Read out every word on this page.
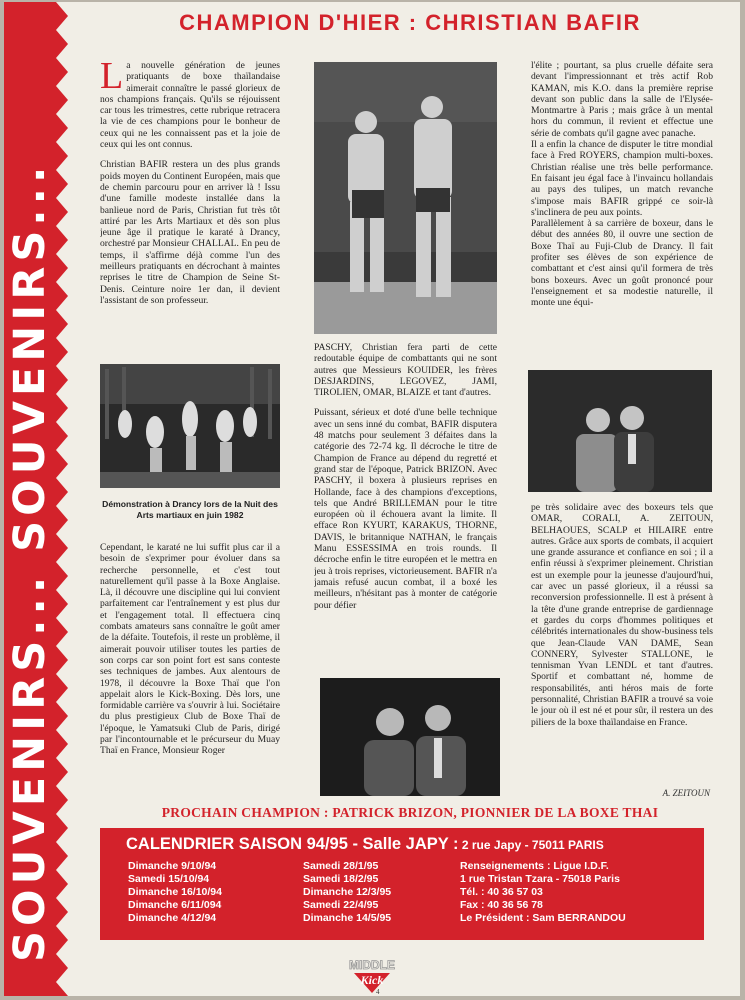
SOUVENIRS... SOUVENIRS...
CHAMPION D'HIER : CHRISTIAN BAFIR

La nouvelle génération de jeunes pratiquants de boxe thaïlandaise aimerait connaître le passé glorieux de nos champions français. Qu'ils se réjouissent car tous les trimestres, cette rubrique retracera la vie de ces champions pour le bonheur de ceux qui ne les connaissent pas et la joie de ceux qui les ont connus.

Christian BAFIR restera un des plus grands poids moyen du Continent Européen, mais que de chemin parcouru pour en arriver là ! Issu d'une famille modeste installée dans la banlieue nord de Paris, Christian fut très tôt attiré par les Arts Martiaux et dès son plus jeune âge il pratique le karaté à Drancy, orchestré par Monsieur CHALLAL. En peu de temps, il s'affirme déjà comme l'un des meilleurs pratiquants en décrochant à maintes reprises le titre de Champion de Seine St-Denis. Ceinture noire 1er dan, il devient l'assistant de son professeur.

Démonstration à Drancy lors de la Nuit des Arts martiaux en juin 1982

Cependant, le karaté ne lui suffit plus car il a besoin de s'exprimer pour évoluer dans sa recherche personnelle, et c'est tout naturellement qu'il passe à la Boxe Anglaise. Là, il découvre une discipline qui lui convient parfaitement car l'entraînement y est plus dur et l'engagement total. Il effectuera cinq combats amateurs sans connaître le goût amer de la défaite. Toutefois, il reste un problème, il aimerait pouvoir utiliser toutes les parties de son corps car son point fort est sans conteste ses techniques de jambes. Aux alentours de 1978, il découvre la Boxe Thaï que l'on appelait alors le Kick-Boxing. Dès lors, une formidable carrière va s'ouvrir à lui. Sociétaire du plus prestigieux Club de Boxe Thaï de l'époque, le Yamatsuki Club de Paris, dirigé par l'incontournable et le précurseur du Muay Thaï en France, Monsieur Roger

PASCHY, Christian fera parti de cette redoutable équipe de combattants qui ne sont autres que Messieurs KOUIDER, les frères DESJARDINS, LEGOVEZ, JAMI, TIROLIEN, OMAR, BLAIZE et tant d'autres.

Puissant, sérieux et doté d'une belle technique avec un sens inné du combat, BAFIR disputera 48 matchs pour seulement 3 défaites dans la catégorie des 72-74 kg. Il décroche le titre de Champion de France au dépend du regretté et grand star de l'époque, Patrick BRIZON. Avec PASCHY, il boxera à plusieurs reprises en Hollande, face à des champions d'exceptions, tels que André BRILLEMAN pour le titre européen où il échouera avant la limite. Il efface Ron KYURT, KARAKUS, THORNE, DAVIS, le britannique NATHAN, le français Manu ESSESSIMA en trois rounds. Il décroche enfin le titre européen et le mettra en jeu à trois reprises, victorieusement. BAFIR n'a jamais refusé aucun combat, il a boxé les meilleurs, n'hésitant pas à monter de catégorie pour défier

l'élite ; pourtant, sa plus cruelle défaite sera devant l'impressionnant et très actif Rob KAMAN, mis K.O. dans la première reprise devant son public dans la salle de l'Elysée-Montmartre à Paris ; mais grâce à un mental hors du commun, il revient et effectue une série de combats qu'il gagne avec panache.

Il a enfin la chance de disputer le titre mondial face à Fred ROYERS, champion multi-boxes. Christian réalise une très belle performance. En faisant jeu égal face à l'invaincu hollandais au pays des tulipes, un match revanche s'impose mais BAFIR grippé ce soir-là s'inclinera de peu aux points.

Parallèlement à sa carrière de boxeur, dans le début des années 80, il ouvre une section de Boxe Thaï au Fuji-Club de Drancy. Il fait profiter ses élèves de son expérience de combattant et c'est ainsi qu'il formera de très bons boxeurs. Avec un goût prononcé pour l'enseignement et sa modestie naturelle, il monte une équi-

pe très solidaire avec des boxeurs tels que OMAR, CORALI, A. ZEITOUN, BELHAOUES, SCALP et HILAIRE entre autres. Grâce aux sports de combats, il acquiert une grande assurance et confiance en soi ; il a enfin réussi à s'exprimer pleinement. Christian est un exemple pour la jeunesse d'aujourd'hui, car avec un passé glorieux, il a réussi sa reconversion professionnelle. Il est à présent à la tête d'une grande entreprise de gardiennage et gardes du corps d'hommes politiques et célébrités internationales du show-business tels que Jean-Claude VAN DAME, Sean CONNERY, Sylvester STALLONE, le tennisman Yvan LENDL et tant d'autres. Sportif et combattant né, homme de responsabilités, anti héros mais de forte personnalité, Christian BAFIR a trouvé sa voie le jour où il est né et pour sûr, il restera un des piliers de la boxe thaïlandaise en France.

A. ZEITOUN
PROCHAIN CHAMPION : PATRICK BRIZON, PIONNIER DE LA BOXE THAI
CALENDRIER SAISON 94/95 - Salle JAPY : 2 rue Japy - 75011 PARIS
Dimanche 9/10/94
Samedi 15/10/94
Dimanche 16/10/94
Dimanche 6/11/094
Dimanche 4/12/94
Samedi 28/1/95
Samedi 18/2/95
Dimanche 12/3/95
Samedi 22/4/95
Dimanche 14/5/95
Renseignements : Ligue I.D.F.
1 rue Tristan Tzara - 75018 Paris
Tél. : 40 36 57 03
Fax : 40 36 56 78
Le Président : Sam BERRANDOU
MIDDLE
Kick
4
